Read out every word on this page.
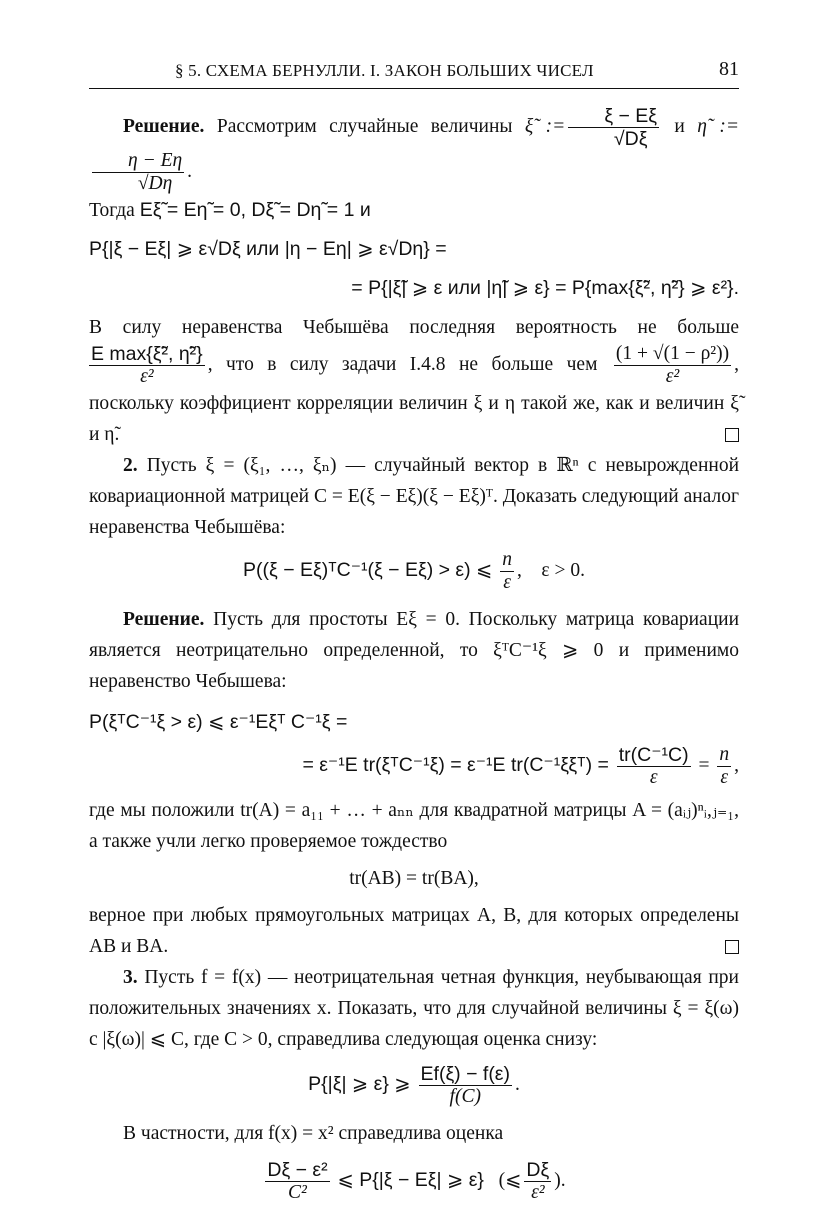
§ 5. СХЕМА БЕРНУЛЛИ. I. ЗАКОН БОЛЬШИХ ЧИСЕЛ	81
Решение. Рассмотрим случайные величины ξ̃ := $\frac{\xi - E\xi}{√D\xi}$ и η̃ :=
$\frac{\eta - E\eta}{√D\eta}$ .
Тогда Eξ̃ = Eη̃ = 0, Dξ̃ = Dη̃ = 1 и
P{|ξ − Eξ| ⩾ ε√Dξ или |η − Eη| ⩾ ε√Dη} =
= P{|ξ̃| ⩾ ε или |η̃| ⩾ ε} = P{max{ξ̃², η̃²} ⩾ ε²}.
В силу неравенства Чебышёва последняя вероятность не больше
$\frac{\text{E max\{ξ̃², η̃²\}}}{\text{ε²}}$ , что в силу задачи I.4.8 не больше чем $\frac{\text{(1 + √(1 − ρ²))}}{\text{ε²}}$ , поскольку коэффициент корреляции величин ξ и η такой же, как и величин ξ̃ и η̃.
2. Пусть ξ = (ξ₁, …, ξₙ) — случайный вектор в ℝⁿ с невырожденной ковариационной матрицей C = E(ξ − Eξ)(ξ − Eξ)ᵀ. Доказать следующий аналог неравенства Чебышёва:
P((ξ − Eξ)ᵀC⁻¹(ξ − Eξ) > ε) ⩽ $\frac{n}{\varepsilon}$ ,    ε > 0.
Решение. Пусть для простоты Eξ = 0. Поскольку матрица ковариации является неотрицательно определенной, то ξᵀC⁻¹ξ ⩾ 0 и применимо неравенство Чебышева:
P(ξᵀC⁻¹ξ > ε) ⩽ ε⁻¹Eξᵀ C⁻¹ξ =
= ε⁻¹E tr(ξᵀC⁻¹ξ) = ε⁻¹E tr(C⁻¹ξξᵀ) = $\frac{\text{tr(C⁻¹C)}}{\varepsilon} = \frac{n}{\varepsilon}$ ,
где мы положили tr(A) = a₁₁ + … + aₙₙ для квадратной матрицы A = (aᵢⱼ)ⁿᵢ,ⱼ₌₁, а также учли легко проверяемое тождество
tr(AB) = tr(BA),
верное при любых прямоугольных матрицах A, B, для которых определены AB и BA.
3. Пусть f = f(x) — неотрицательная четная функция, неубывающая при положительных значениях x. Показать, что для случайной величины ξ = ξ(ω) с |ξ(ω)| ⩽ C, где C > 0, справедлива следующая оценка снизу:
P{|ξ| ⩾ ε} ⩾ $\frac{Ef(\xi) - f(\varepsilon)}{f(C)}$ .
В частности, для f(x) = x² справедлива оценка
$\frac{\text{Dξ − ε²}}{\text{C²}}$ ⩽ P{|ξ − Eξ| ⩾ ε} (⩽ $\frac{D\xi}{\text{ε²}}$ ).
